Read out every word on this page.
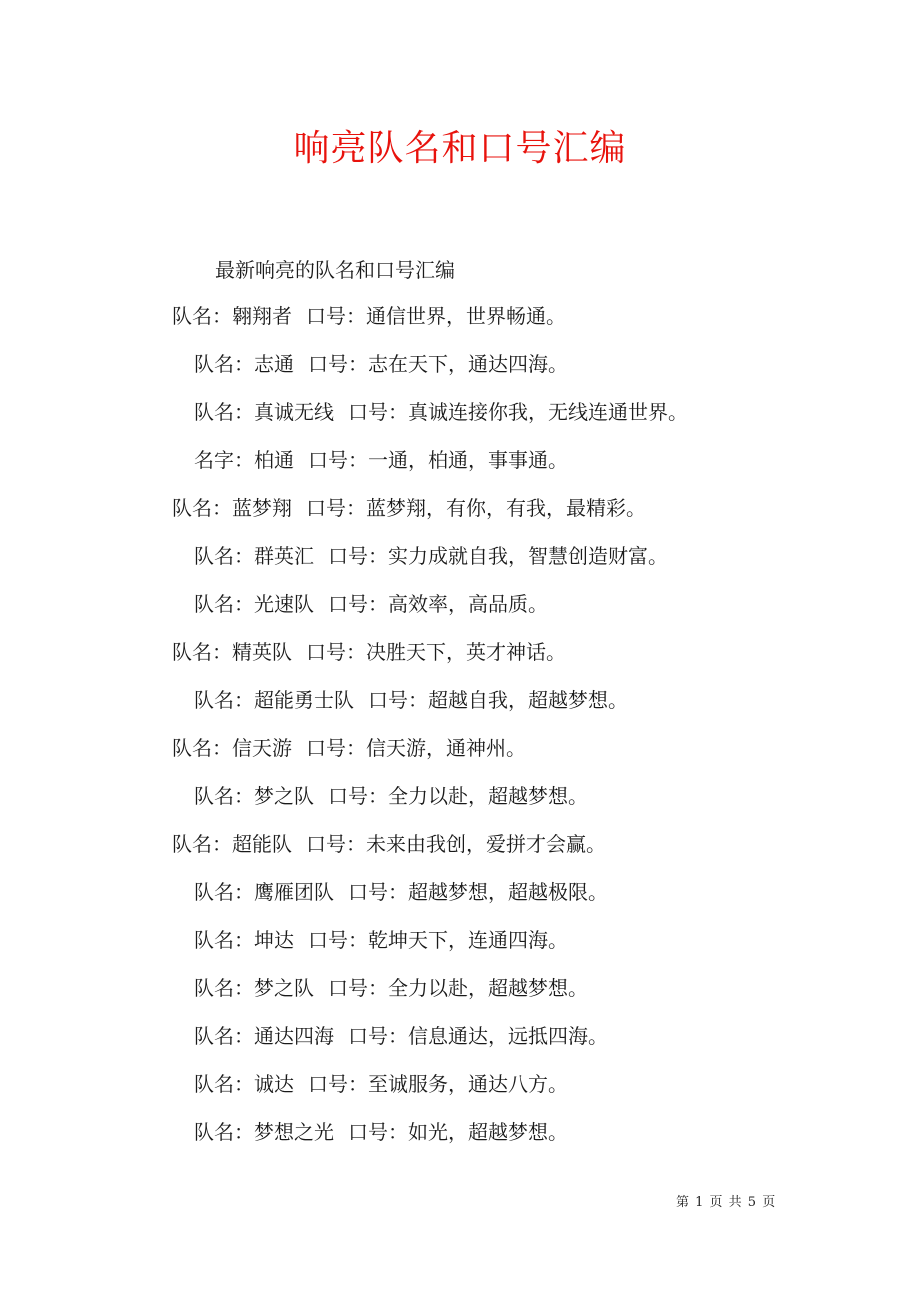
响亮队名和口号汇编
最新响亮的队名和口号汇编
队名：翱翔者 口号：通信世界，世界畅通。
队名：志通 口号：志在天下，通达四海。
队名：真诚无线 口号：真诚连接你我，无线连通世界。
名字：柏通 口号：一通，柏通，事事通。
队名：蓝梦翔 口号：蓝梦翔，有你，有我，最精彩。
队名：群英汇 口号：实力成就自我，智慧创造财富。
队名：光速队 口号：高效率，高品质。
队名：精英队 口号：决胜天下，英才神话。
队名：超能勇士队 口号：超越自我，超越梦想。
队名：信天游 口号：信天游，通神州。
队名：梦之队 口号：全力以赴，超越梦想。
队名：超能队 口号：未来由我创，爱拼才会赢。
队名：鹰雁团队 口号：超越梦想，超越极限。
队名：坤达 口号：乾坤天下，连通四海。
队名：梦之队 口号：全力以赴，超越梦想。
队名：通达四海 口号：信息通达，远抵四海。
队名：诚达 口号：至诚服务，通达八方。
队名：梦想之光 口号：如光，超越梦想。
第 1 页 共 5 页
